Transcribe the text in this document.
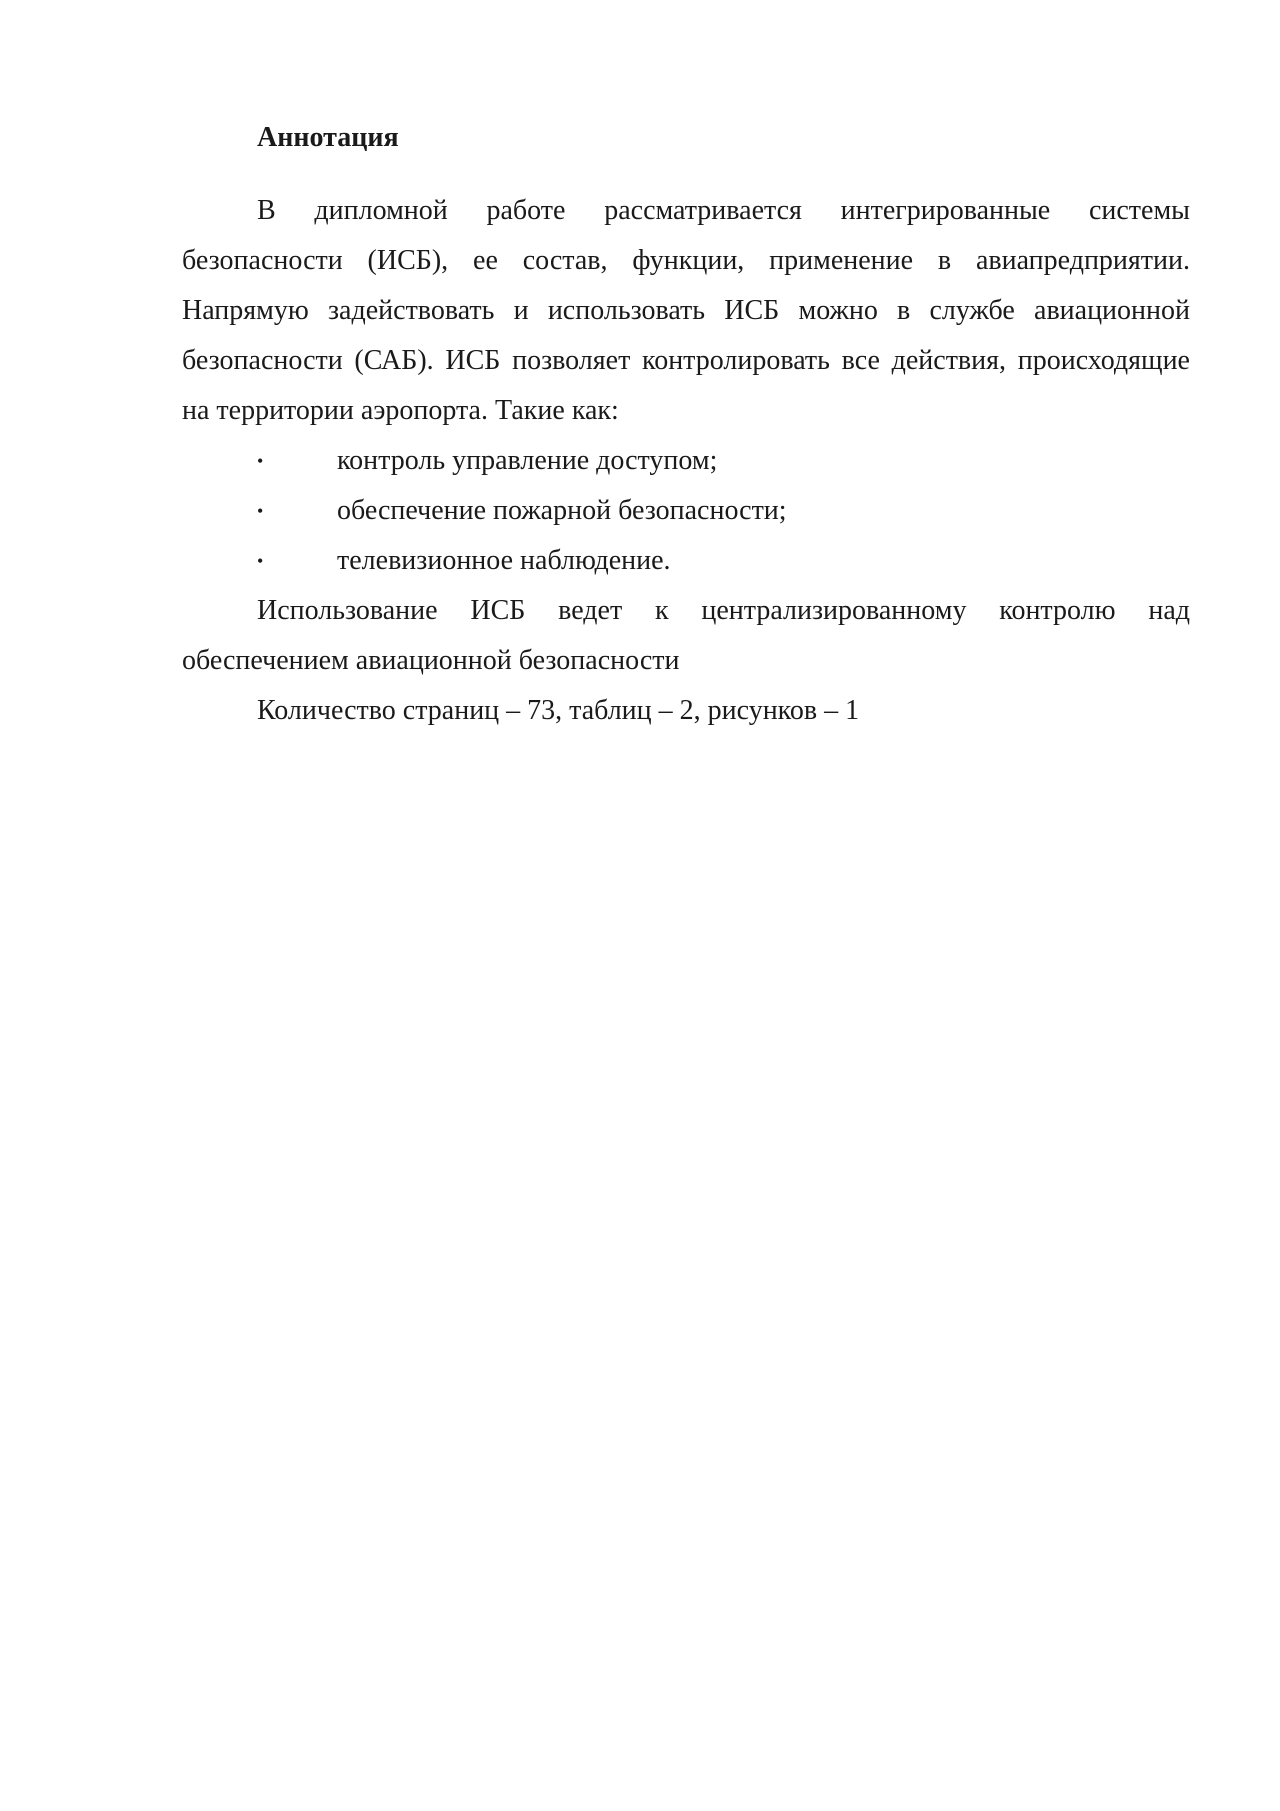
Аннотация

В дипломной работе рассматривается интегрированные системы безопасности (ИСБ), ее состав, функции, применение в авиапредприятии. Напрямую задействовать и использовать ИСБ можно в службе авиационной безопасности (САБ). ИСБ позволяет контролировать все действия, происходящие на территории аэропорта. Такие как:

•	контроль управление доступом;
•	обеспечение пожарной безопасности;
•	телевизионное наблюдение.

Использование ИСБ ведет к централизированному контролю над обеспечением авиационной безопасности

Количество страниц – 73, таблиц – 2, рисунков – 1
